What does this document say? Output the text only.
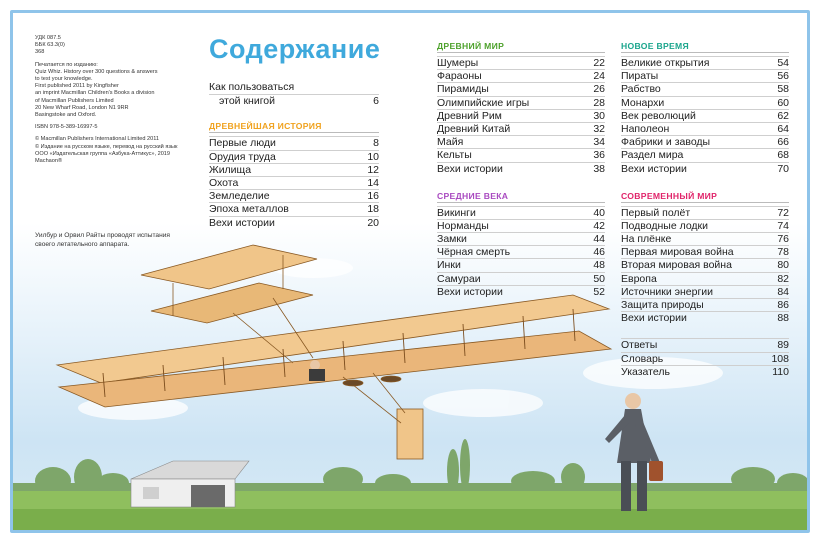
УДК 087.5
ББК 63.3(0)
368
Печатается по изданию:
Quiz Whiz. History over 300 questions & answers
to test your knowledge.
First published 2011 by Kingfisher
an imprint Macmillan Children's Books a division
of Macmillan Publishers Limited
20 New Wharf Road, London N1 9RR
Basingstoke and Oxford.
ISBN 978-5-389-16997-5
© Macmillan Publishers International Limited 2011
© Издание на русском языке, перевод на русский язык
ООО «Издательская группа «Азбука-Аттикус», 2019
Machaon®
Уилбур и Орвил Райты проводят испытания своего летательного аппарата.
Содержание
Как пользоваться
этой книгой	6
ДРЕВНЕЙШАЯ ИСТОРИЯ
Первые люди	8
Орудия труда	10
Жилища	12
Охота	14
Земледелие	16
Эпоха металлов	18
Вехи истории	20
ДРЕВНИЙ МИР
Шумеры	22
Фараоны	24
Пирамиды	26
Олимпийские игры	28
Древний Рим	30
Древний Китай	32
Майя	34
Кельты	36
Вехи истории	38
СРЕДНИЕ ВЕКА
Викинги	40
Норманды	42
Замки	44
Чёрная смерть	46
Инки	48
Самураи	50
Вехи истории	52
НОВОЕ ВРЕМЯ
Великие открытия	54
Пираты	56
Рабство	58
Монархи	60
Век революций	62
Наполеон	64
Фабрики и заводы	66
Раздел мира	68
Вехи истории	70
СОВРЕМЕННЫЙ МИР
Первый полёт	72
Подводные лодки	74
На плёнке	76
Первая мировая война	78
Вторая мировая война	80
Европа	82
Источники энергии	84
Защита природы	86
Вехи истории	88
Ответы	89
Словарь	108
Указатель	110
